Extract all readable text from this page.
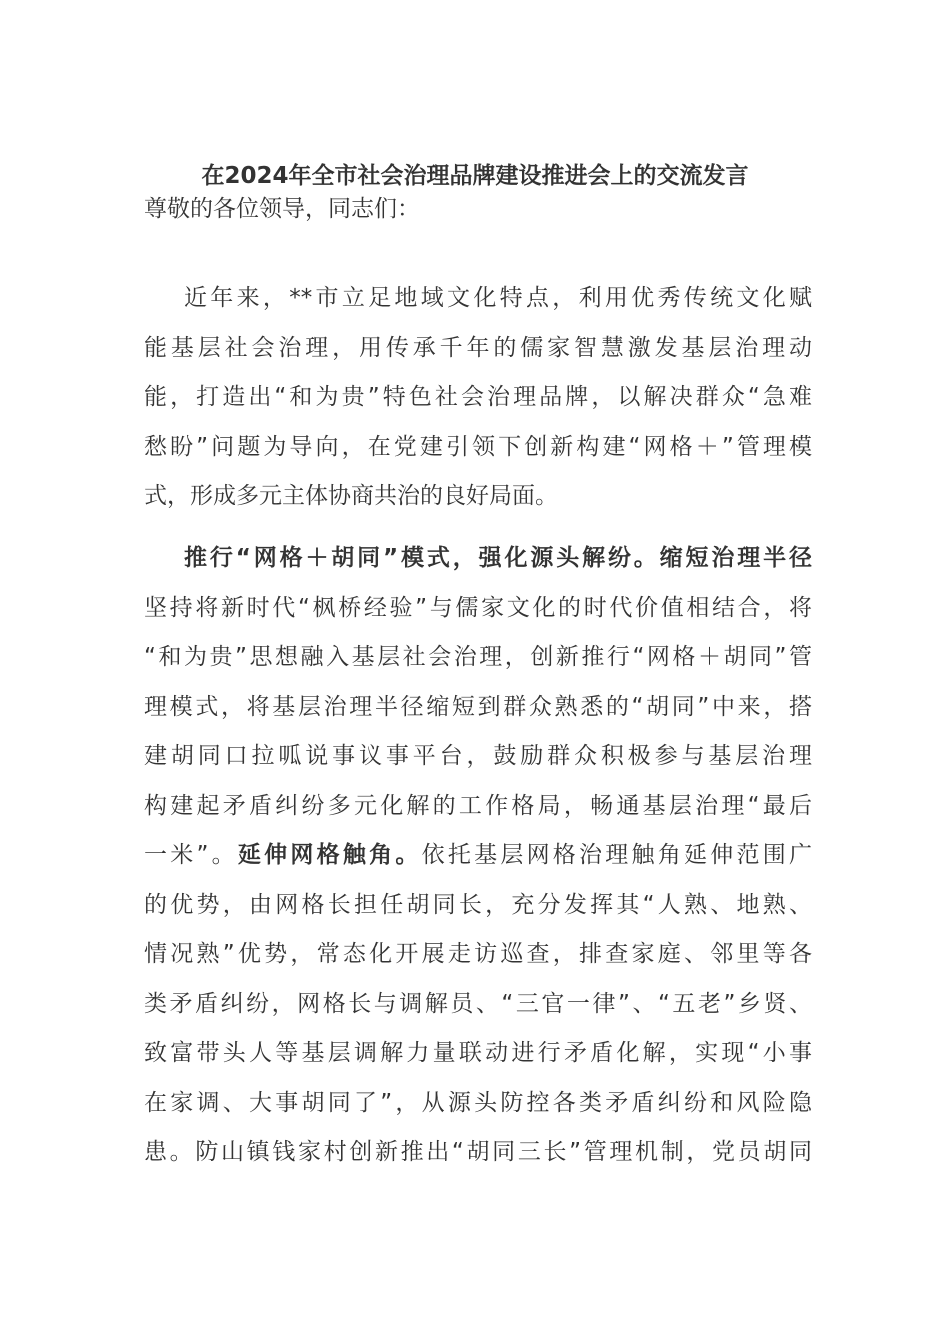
在2024年全市社会治理品牌建设推进会上的交流发言
尊敬的各位领导，同志们：
近年来，**市立足地域文化特点，利用优秀传统文化赋
能基层社会治理，用传承千年的儒家智慧激发基层治理动
能，打造出“和为贵”特色社会治理品牌，以解决群众“急难
愁盼”问题为导向，在党建引领下创新构建“网格＋”管理模
式，形成多元主体协商共治的良好局面。
推行“网格＋胡同”模式，强化源头解纷。缩短治理半径
坚持将新时代“枫桥经验”与儒家文化的时代价值相结合，将
“和为贵”思想融入基层社会治理，创新推行“网格＋胡同”管
理模式，将基层治理半径缩短到群众熟悉的“胡同”中来，搭
建胡同口拉呱说事议事平台，鼓励群众积极参与基层治理
构建起矛盾纠纷多元化解的工作格局，畅通基层治理“最后
一米”。延伸网格触角。依托基层网格治理触角延伸范围广
的优势，由网格长担任胡同长，充分发挥其“人熟、地熟、
情况熟”优势，常态化开展走访巡查，排查家庭、邻里等各
类矛盾纠纷，网格长与调解员、“三官一律”、“五老”乡贤、
致富带头人等基层调解力量联动进行矛盾化解，实现“小事
在家调、大事胡同了”，从源头防控各类矛盾纠纷和风险隐
患。防山镇钱家村创新推出“胡同三长”管理机制，党员胡同
